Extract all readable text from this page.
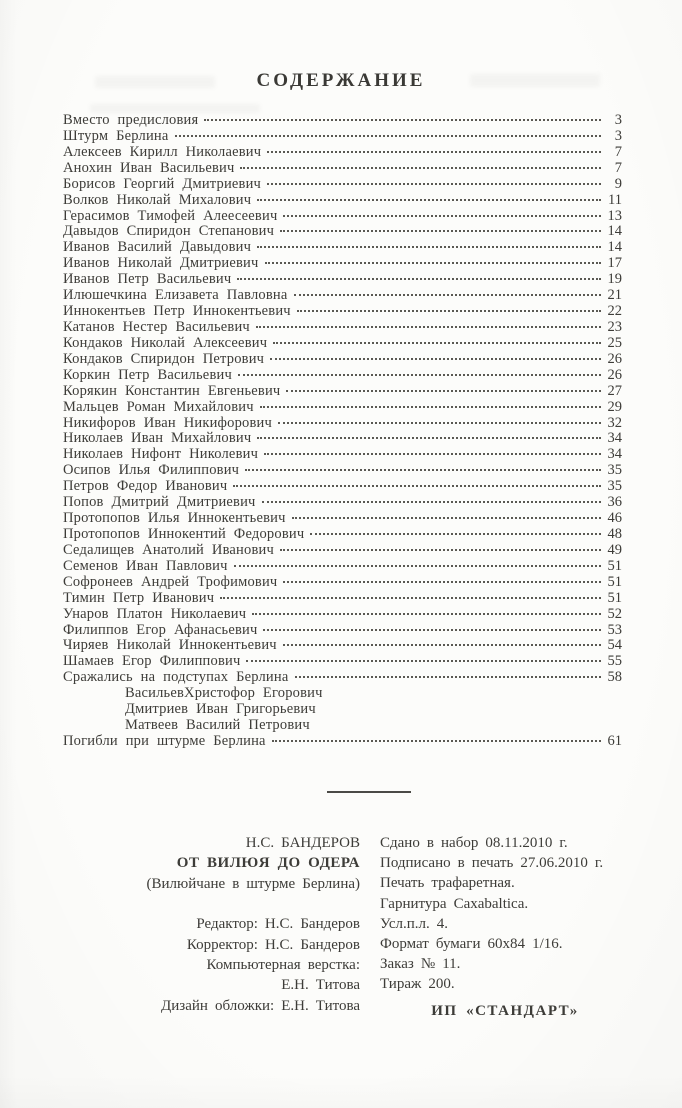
СОДЕРЖАНИЕ
Вместо предисловия	3
Штурм Берлина	3
Алексеев Кирилл Николаевич	7
Анохин Иван Васильевич	7
Борисов Георгий Дмитриевич	9
Волков Николай Михалович	11
Герасимов Тимофей Алеесеевич	13
Давыдов Спиридон Степанович	14
Иванов Василий Давыдович	14
Иванов Николай Дмитриевич	17
Иванов Петр Васильевич	19
Илюшечкина Елизавета Павловна	21
Иннокентьев Петр Иннокентьевич	22
Катанов Нестер Васильевич	23
Кондаков Николай Алексеевич	25
Кондаков Спиридон Петрович	26
Коркин Петр Васильевич	26
Корякин Константин Евгеньевич	27
Мальцев Роман Михайлович	29
Никифоров Иван Никифорович	32
Николаев Иван Михайлович	34
Николаев Нифонт Николевич	34
Осипов Илья Филиппович	35
Петров Федор Иванович	35
Попов Дмитрий Дмитриевич	36
Протопопов Илья Иннокентьевич	46
Протопопов Иннокентий Федорович	48
Седалищев Анатолий Иванович	49
Семенов Иван Павлович	51
Софронеев Андрей Трофимович	51
Тимин Петр Иванович	51
Унаров Платон Николаевич	52
Филиппов Егор Афанасьевич	53
Чиряев Николай Иннокентьевич	54
Шамаев Егор Филиппович	55
Сражались на подступах Берлина	58
ВасильевХристофор Егорович
Дмитриев Иван Григорьевич
Матвеев Василий Петрович
Погибли при штурме Берлина	61
Н.С. БАНДЕРОВ
ОТ ВИЛЮЯ ДО ОДЕРА
(Вилюйчане в штурме Берлина)
Редактор: Н.С. Бандеров
Корректор: Н.С. Бандеров
Компьютерная верстка:
Е.Н. Титова
Дизайн обложки: Е.Н. Титова
Сдано в набор 08.11.2010 г.
Подписано в печать 27.06.2010 г.
Печать трафаретная.
Гарнитура Caxabaltica.
Усл.п.л. 4.
Формат бумаги 60x84 1/16.
Заказ № 11.
Тираж 200.
ИП «СТАНДАРТ»
